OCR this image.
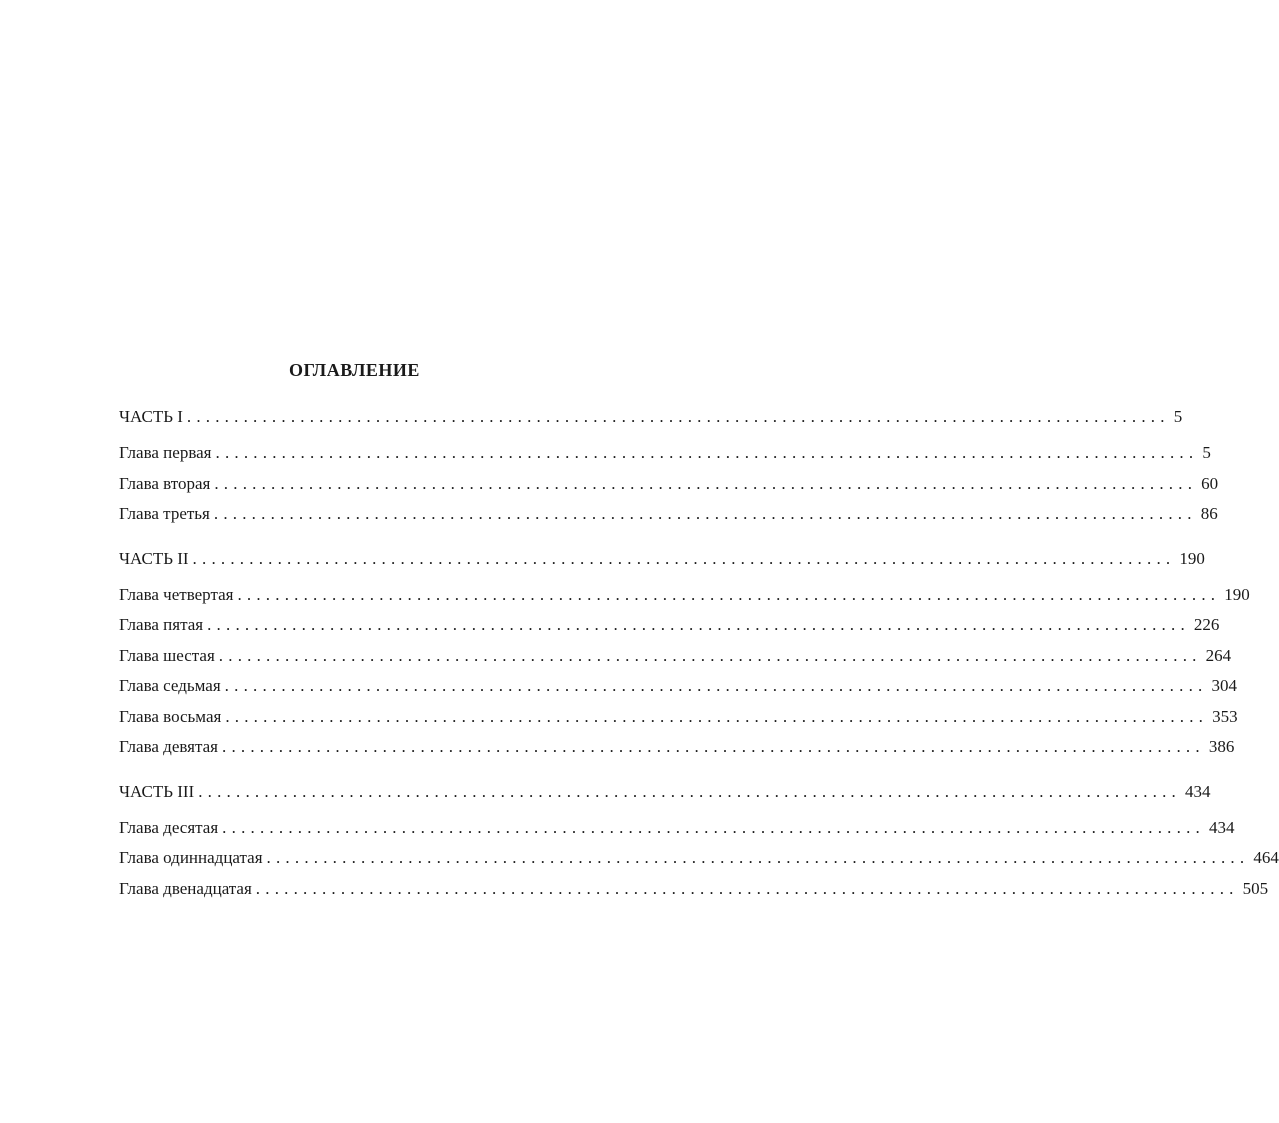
ОГЛАВЛЕНИЕ
ЧАСТЬ I ........................................................................................................ 5
Глава первая ........................................................................................................ 5
Глава вторая ........................................................................................................ 60
Глава третья ........................................................................................................ 86
ЧАСТЬ II ........................................................................................................ 190
Глава четвертая ........................................................................................................ 190
Глава пятая ........................................................................................................ 226
Глава шестая ........................................................................................................ 264
Глава седьмая ........................................................................................................ 304
Глава восьмая ........................................................................................................ 353
Глава девятая ........................................................................................................ 386
ЧАСТЬ III ........................................................................................................ 434
Глава десятая ........................................................................................................ 434
Глава одиннадцатая ........................................................................................................ 464
Глава двенадцатая ........................................................................................................ 505
